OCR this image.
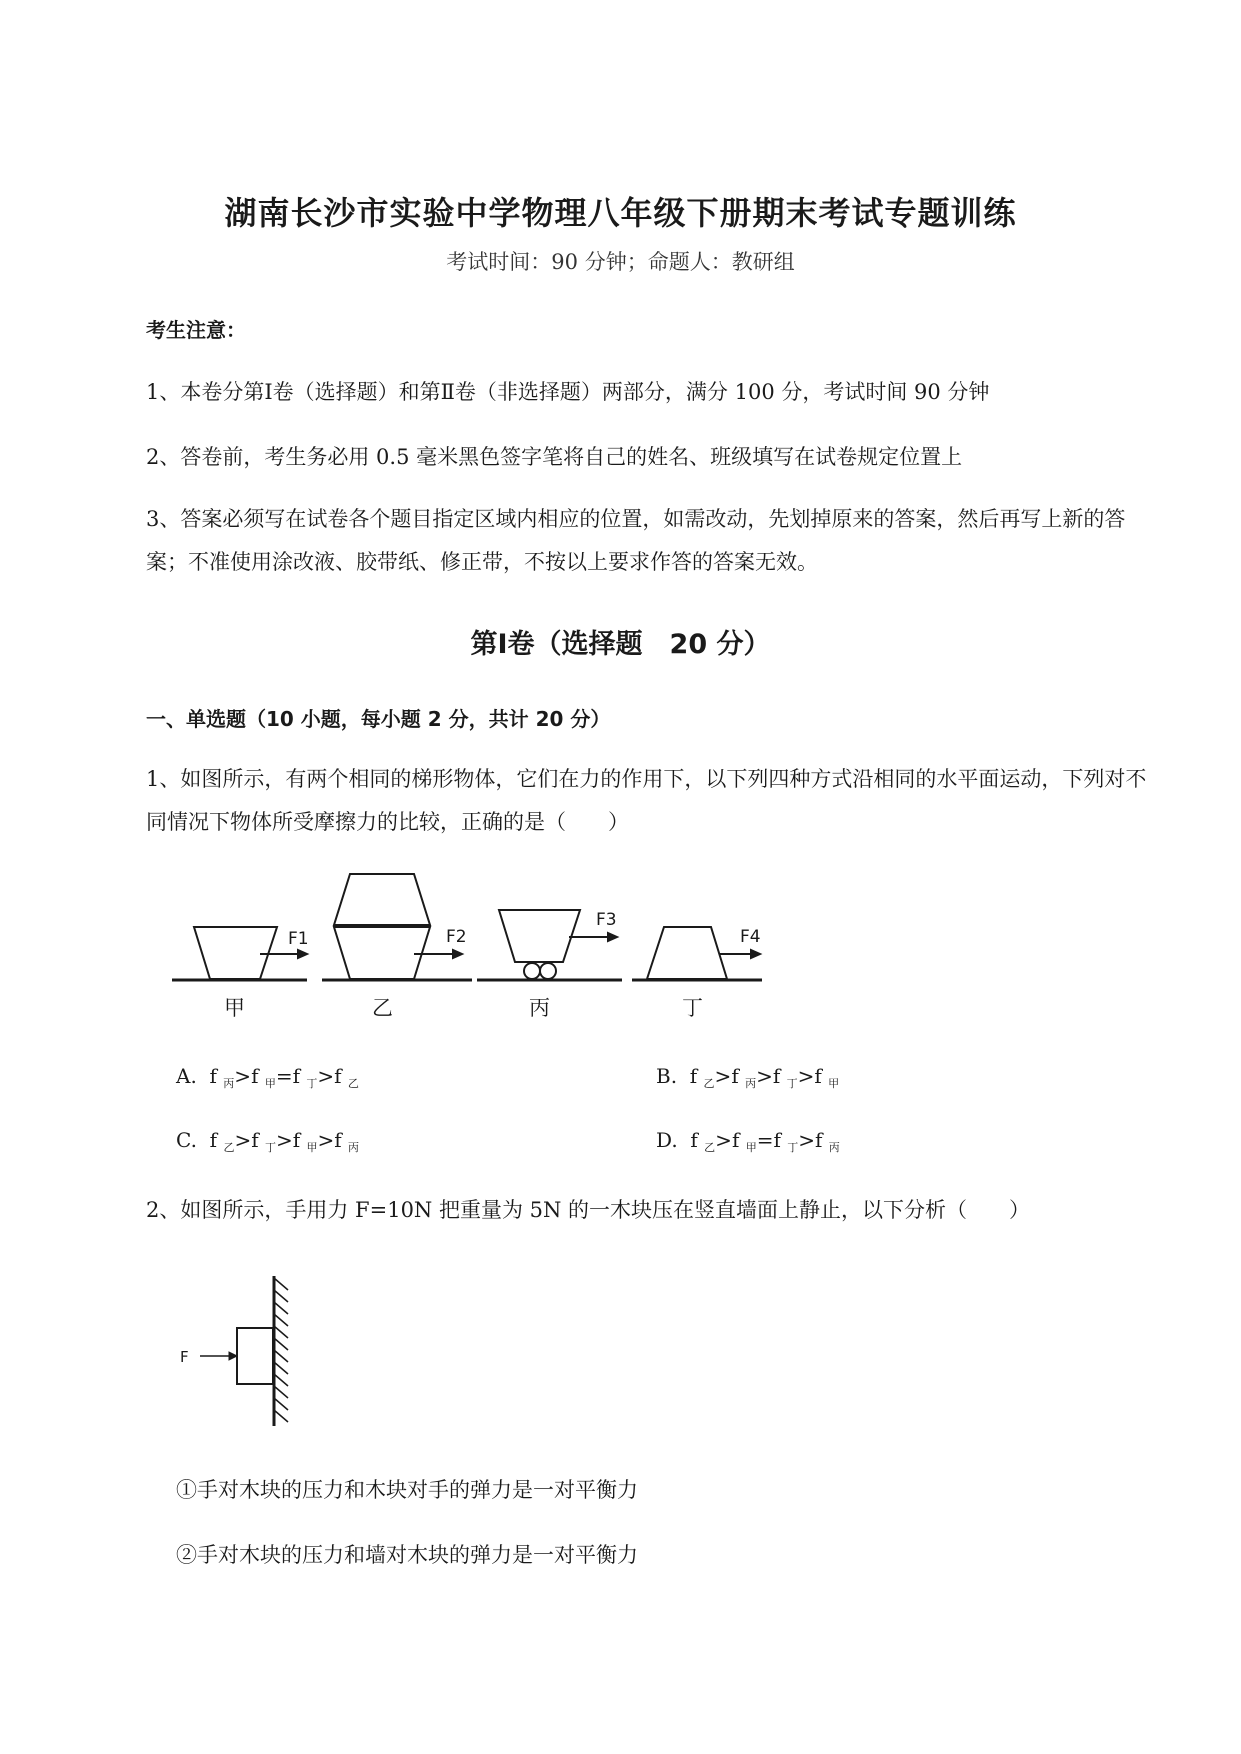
湖南长沙市实验中学物理八年级下册期末考试专题训练
考试时间：90 分钟；命题人：教研组
考生注意：
1、本卷分第Ⅰ卷（选择题）和第Ⅱ卷（非选择题）两部分，满分 100 分，考试时间 90 分钟
2、答卷前，考生务必用 0.5 毫米黑色签字笔将自己的姓名、班级填写在试卷规定位置上
3、答案必须写在试卷各个题目指定区域内相应的位置，如需改动，先划掉原来的答案，然后再写上新的答案；不准使用涂改液、胶带纸、修正带，不按以上要求作答的答案无效。
第Ⅰ卷（选择题　20 分）
一、单选题（10 小题，每小题 2 分，共计 20 分）
1、如图所示，有两个相同的梯形物体，它们在力的作用下，以下列四种方式沿相同的水平面运动，下列对不同情况下物体所受摩擦力的比较，正确的是（　　）
F1	F2
F3
F4
甲	乙	丙	丁
A. f $_丙$>f $_甲$=f $_丁$>f $_乙$	B. f $_乙$>f $_丙$>f $_丁$>f $_甲$
C. f $_乙$>f $_丁$>f $_甲$>f $_丙$	D. f $_乙$>f $_甲$=f $_丁$>f $_丙$
2、如图所示，手用力 F=10N 把重量为 5N 的一木块压在竖直墙面上静止，以下分析（　　）
F
①手对木块的压力和木块对手的弹力是一对平衡力
②手对木块的压力和墙对木块的弹力是一对平衡力
